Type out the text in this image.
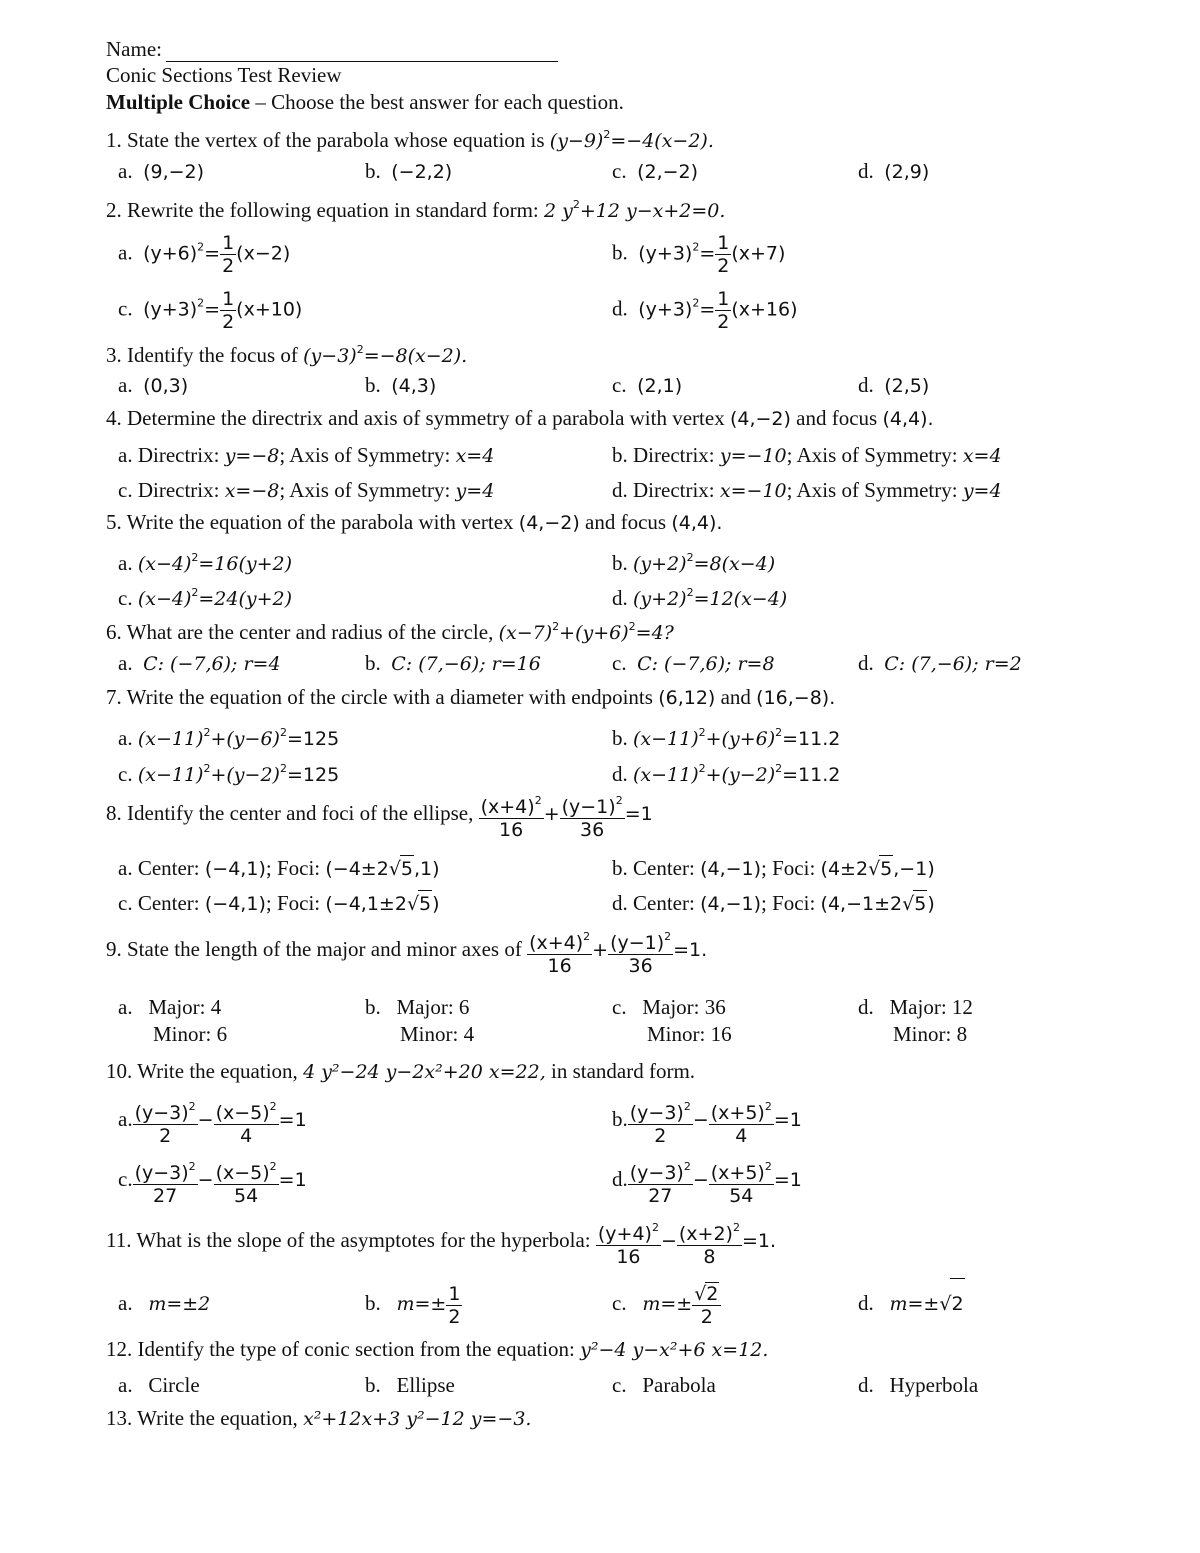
Name:
Conic Sections Test Review
Multiple Choice – Choose the best answer for each question.
1. State the vertex of the parabola whose equation is $(y-9)^2=-4(x-2)$.
a. (9,−2)	b. (−2,2)	c. (2,−2)	d. (2,9)
2. Rewrite the following equation in standard form: 2 $y^2+12$ y−x+2=0.
a. $(y+6)^2= \frac{1}{2} (x-2)$	b. $(y+3)^2= \frac{1}{2} (x+7)$
c. $(y+3)^2= \frac{1}{2} (x+10)$	d. $(y+3)^2= \frac{1}{2} (x+16)$
3. Identify the focus of $(y-3)^2=-8(x-2)$.
a. (0,3)	b. (4,3)	c. (2,1)	d. (2,5)
4. Determine the directrix and axis of symmetry of a parabola with vertex (4,−2) and focus (4,4).
a. Directrix: y=−8; Axis of Symmetry: x=4	b. Directrix: y=−10; Axis of Symmetry: x=4
c. Directrix: x=−8; Axis of Symmetry: y=4	d. Directrix: x=−10; Axis of Symmetry: y=4
5. Write the equation of the parabola with vertex (4,−2) and focus (4,4).
a. $(x-4)^2=16(y+2)$	b. $(y+2)^2=8(x-4)$
c. $(x-4)^2=24(y+2)$	d. $(y+2)^2=12(x-4)$
6. What are the center and radius of the circle, $(x-7)^2+(y+6)^2=4$?
a. C: (−7,6); r=4	b. C: (7,−6); r=16	c. C: (−7,6); r=8	d. C: (7,−6); r=2
7. Write the equation of the circle with a diameter with endpoints (6,12) and (16,−8).
a. $(x-11)^2+(y-6)^2=125$	b. $(x-11)^2+(y+6)^2=11.2$
c. $(x-11)^2+(y-2)^2=125$	d. $(x-11)^2+(y-2)^2=11.2$
8. Identify the center and foci of the ellipse, $\frac{(x+4)^2}{16} + \frac{(y-1)^2}{36} =1$
a. Center: (−4,1); Foci: (−4±2√5,1)	b. Center: (4,−1); Foci: (4±2√5,−1)
c. Center: (−4,1); Foci: (−4,1±2√5)	d. Center: (4,−1); Foci: (4,−1±2√5)
9. State the length of the major and minor axes of $\frac{(x+4)^2}{16} + \frac{(y-1)^2}{36} =1$.
a. Major: 4
Minor: 6
b. Major: 6
Minor: 4
c. Major: 36
Minor: 16
d. Major: 12
Minor: 8
10. Write the equation, 4 y²−24 y−2x²+20 x=22, in standard form.
a. $\frac{(y-3)^2}{2} - \frac{(x-5)^2}{4} =1$	b. $\frac{(y-3)^2}{2} - \frac{(x+5)^2}{4} =1$
c. $\frac{(y-3)^2}{27} - \frac{(x-5)^2}{54} =1$	d. $\frac{(y-3)^2}{27} - \frac{(x+5)^2}{54} =1$
11. What is the slope of the asymptotes for the hyperbola: $\frac{(y+4)^2}{16} - \frac{(x+2)^2}{8} =1$.
a. m=±2	b. $m=\pm \frac{1}{2}$	c. $m=\pm \frac{√2}{2}$	d. m=±√2
12. Identify the type of conic section from the equation: y²−4 y−x²+6 x=12.
a. Circle	b. Ellipse	c. Parabola	d. Hyperbola
13. Write the equation, x²+12x+3 y²−12 y=−3.
